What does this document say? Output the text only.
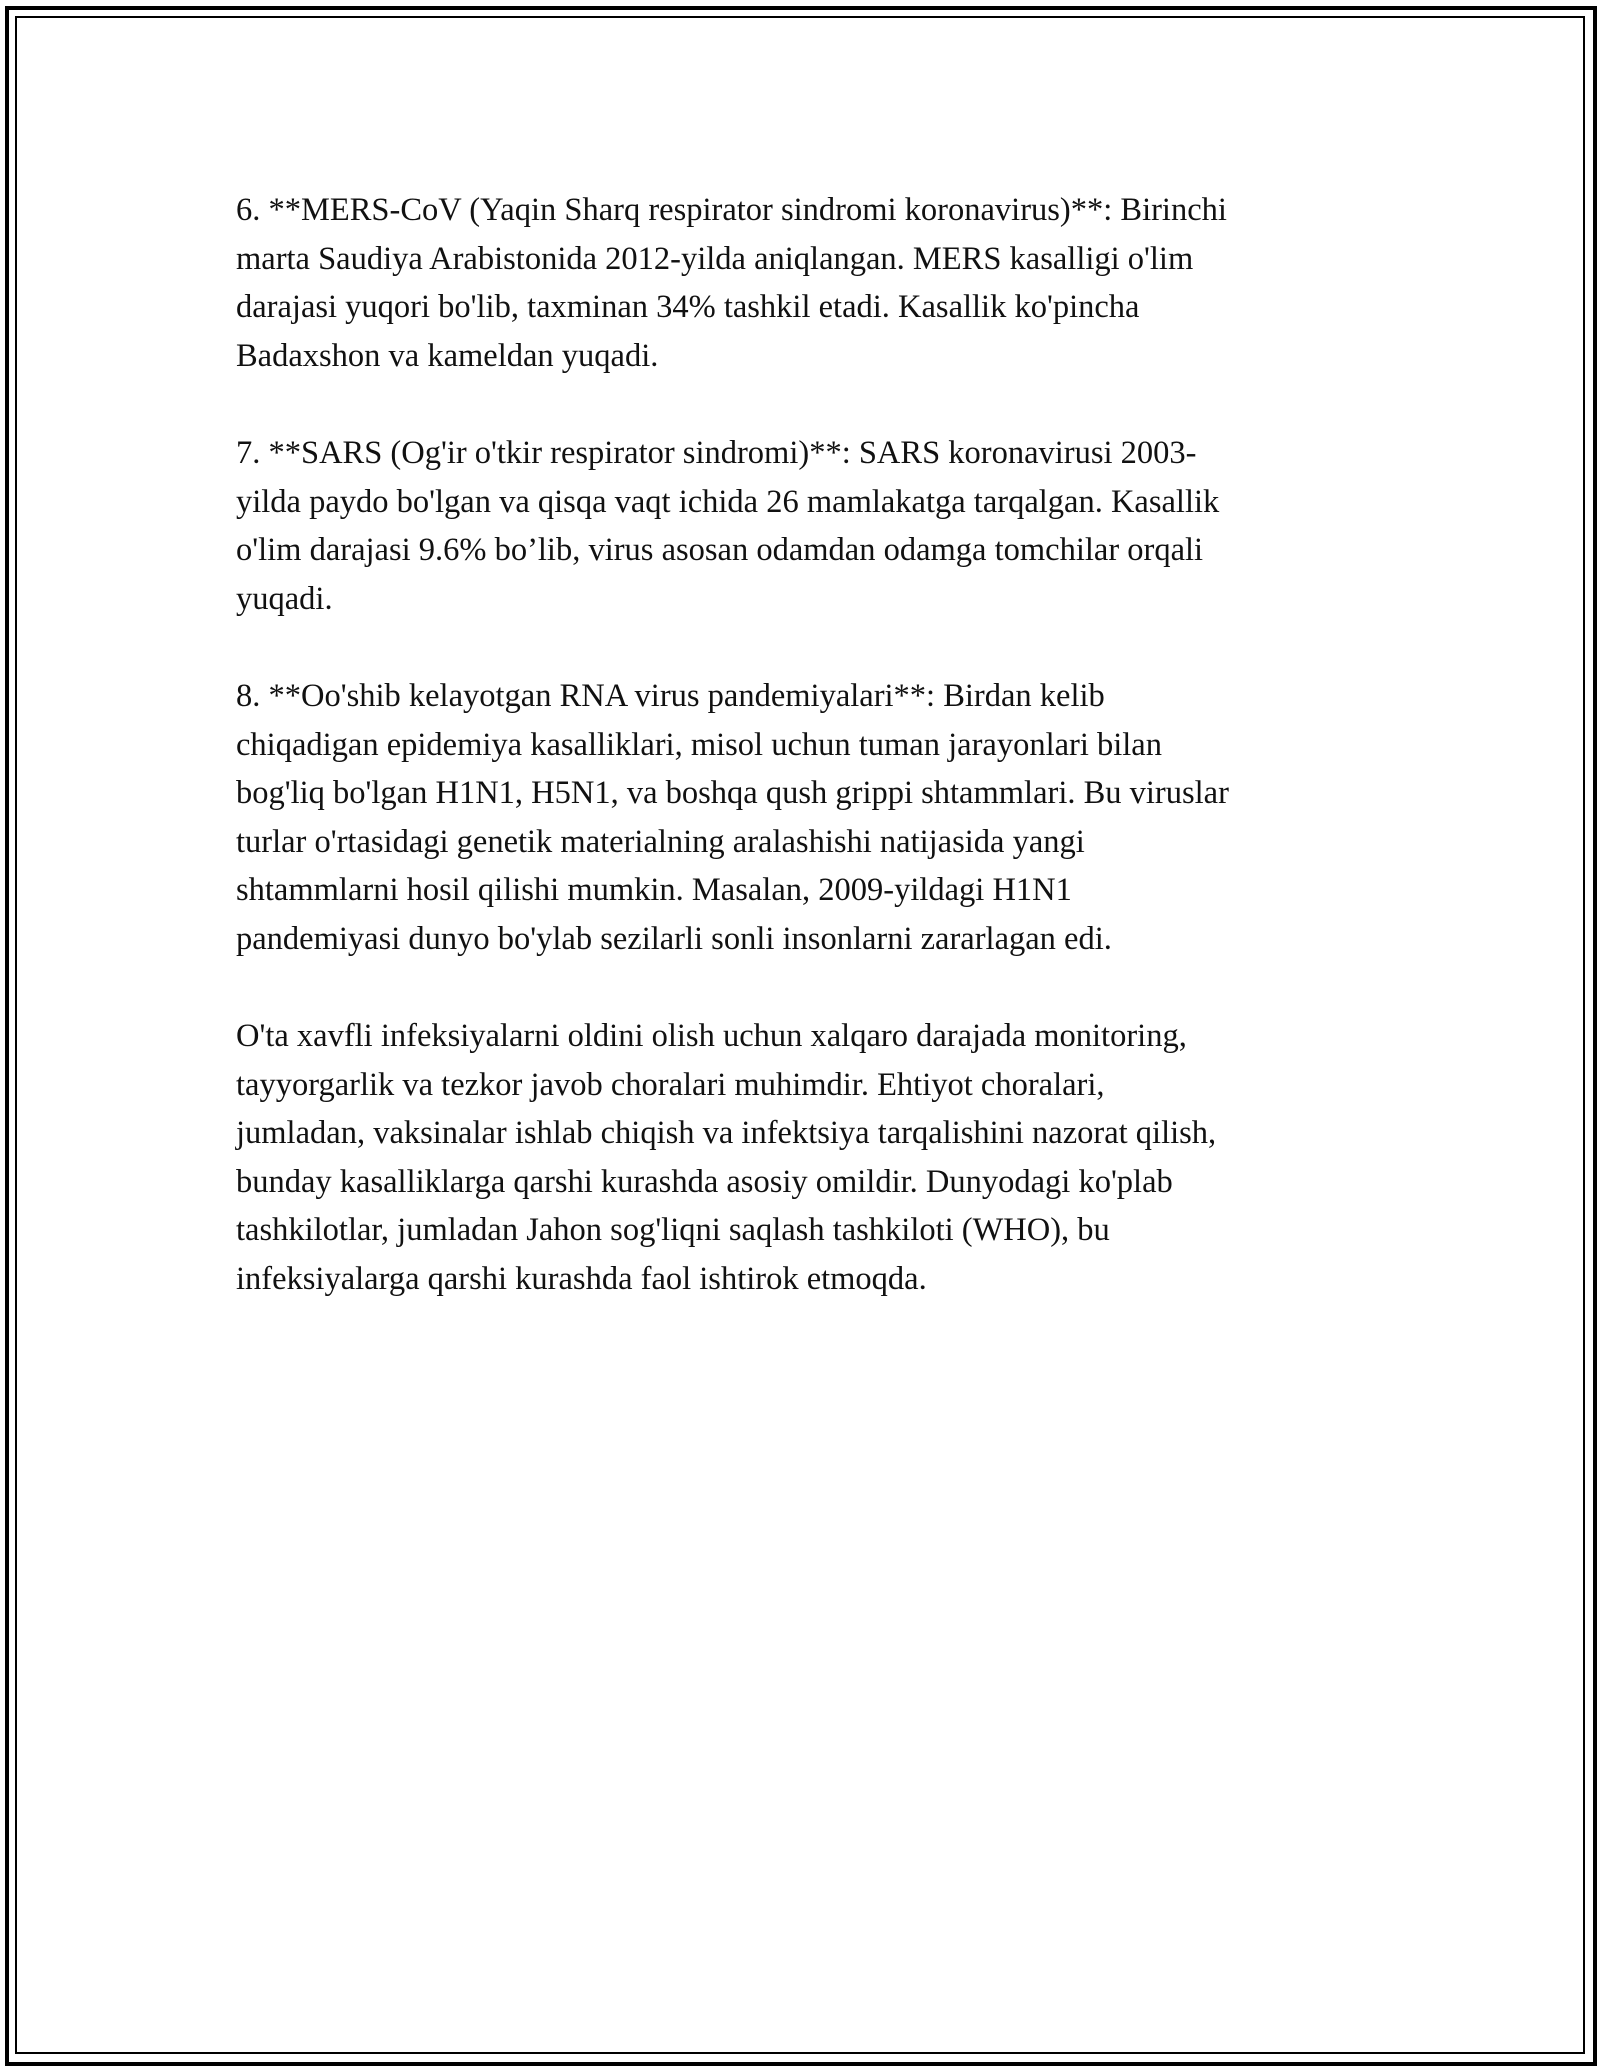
6. **MERS-CoV (Yaqin Sharq respirator sindromi koronavirus)**: Birinchi
marta Saudiya Arabistonida 2012-yilda aniqlangan. MERS kasalligi o'lim
darajasi yuqori bo'lib, taxminan 34% tashkil etadi. Kasallik ko'pincha
Badaxshon va kameldan yuqadi.

7. **SARS (Og'ir o'tkir respirator sindromi)**: SARS koronavirusi 2003-
yilda paydo bo'lgan va qisqa vaqt ichida 26 mamlakatga tarqalgan. Kasallik
o'lim darajasi 9.6% bo’lib, virus asosan odamdan odamga tomchilar orqali
yuqadi.

8. **Oo'shib kelayotgan RNA virus pandemiyalari**: Birdan kelib
chiqadigan epidemiya kasalliklari, misol uchun tuman jarayonlari bilan
bog'liq bo'lgan H1N1, H5N1, va boshqa qush grippi shtammlari. Bu viruslar
turlar o'rtasidagi genetik materialning aralashishi natijasida yangi
shtammlarni hosil qilishi mumkin. Masalan, 2009-yildagi H1N1
pandemiyasi dunyo bo'ylab sezilarli sonli insonlarni zararlagan edi.

O'ta xavfli infeksiyalarni oldini olish uchun xalqaro darajada monitoring,
tayyorgarlik va tezkor javob choralari muhimdir. Ehtiyot choralari,
jumladan, vaksinalar ishlab chiqish va infektsiya tarqalishini nazorat qilish,
bunday kasalliklarga qarshi kurashda asosiy omildir. Dunyodagi ko'plab
tashkilotlar, jumladan Jahon sog'liqni saqlash tashkiloti (WHO), bu
infeksiyalarga qarshi kurashda faol ishtirok etmoqda.
